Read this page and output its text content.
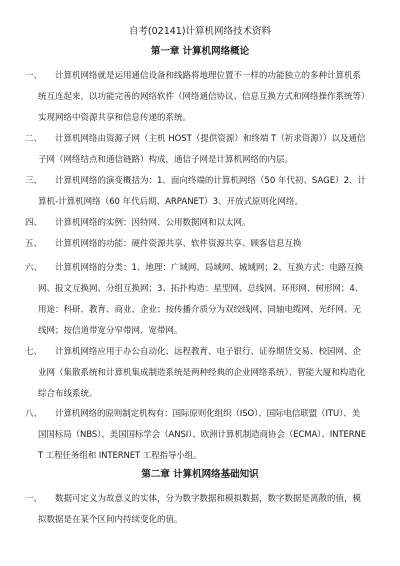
自考(02141)计算机网络技术资料
第一章 计算机网络概论
一、	计算机网络就是运用通信设备和线路将地理位置不一样的功能独立的多种计算机系统互连起来，以功能完善的网络软件（网络通信协议、信息互换方式和网络操作系统等）实现网络中资源共享和信息传递的系统。
二、	计算机网络由资源子网（主机 HOST（提供资源）和终端 T（祈求资源））以及通信子网（网络结点和通信链路）构成，通信子网是计算机网络的内层。
三、	计算机网络的演变概括为：1、面向终端的计算机网络（50 年代初、SAGE）2、计算机-计算机网络（60 年代后期、ARPANET）3、开放式原则化网络。
四、	计算机网络的实例：因特网、公用数据网和以太网。
五、	计算机网络的功能：硬件资源共享、软件资源共享、顾客信息互换
六、	计算机网络的分类：1、地理：广域网、局域网、城域网；2、互换方式：电路互换网、报文互换网、分组互换网；3、拓扑构造：星型网、总线网、环形网、树形网；4、用途：科研、教育、商业、企业；按传播介质分为双绞线网、同轴电缆网、光纤网、无线网；按信道带宽分窄带网、宽带网。
七、	计算机网络应用于办公自动化、远程教育、电子银行、证券期货交易、校园网、企业网（集散系统和计算机集成制造系统是两种经典的企业网络系统）、智能大厦和构造化综合布线系统。
八、	计算机网络的原则制定机构有：国际原则化组织（ISO）、国际电信联盟（ITU）、美国国标局（NBS）、美国国标学会（ANSI）、欧洲计算机制造商协会（ECMA）、INTERNET 工程任务组和 INTERNET 工程指导小组。
第二章 计算机网络基础知识
一、	数据可定义为故意义的实体，分为数字数据和模拟数据，数字数据是离散的值，模拟数据是在某个区间内持续变化的值。
